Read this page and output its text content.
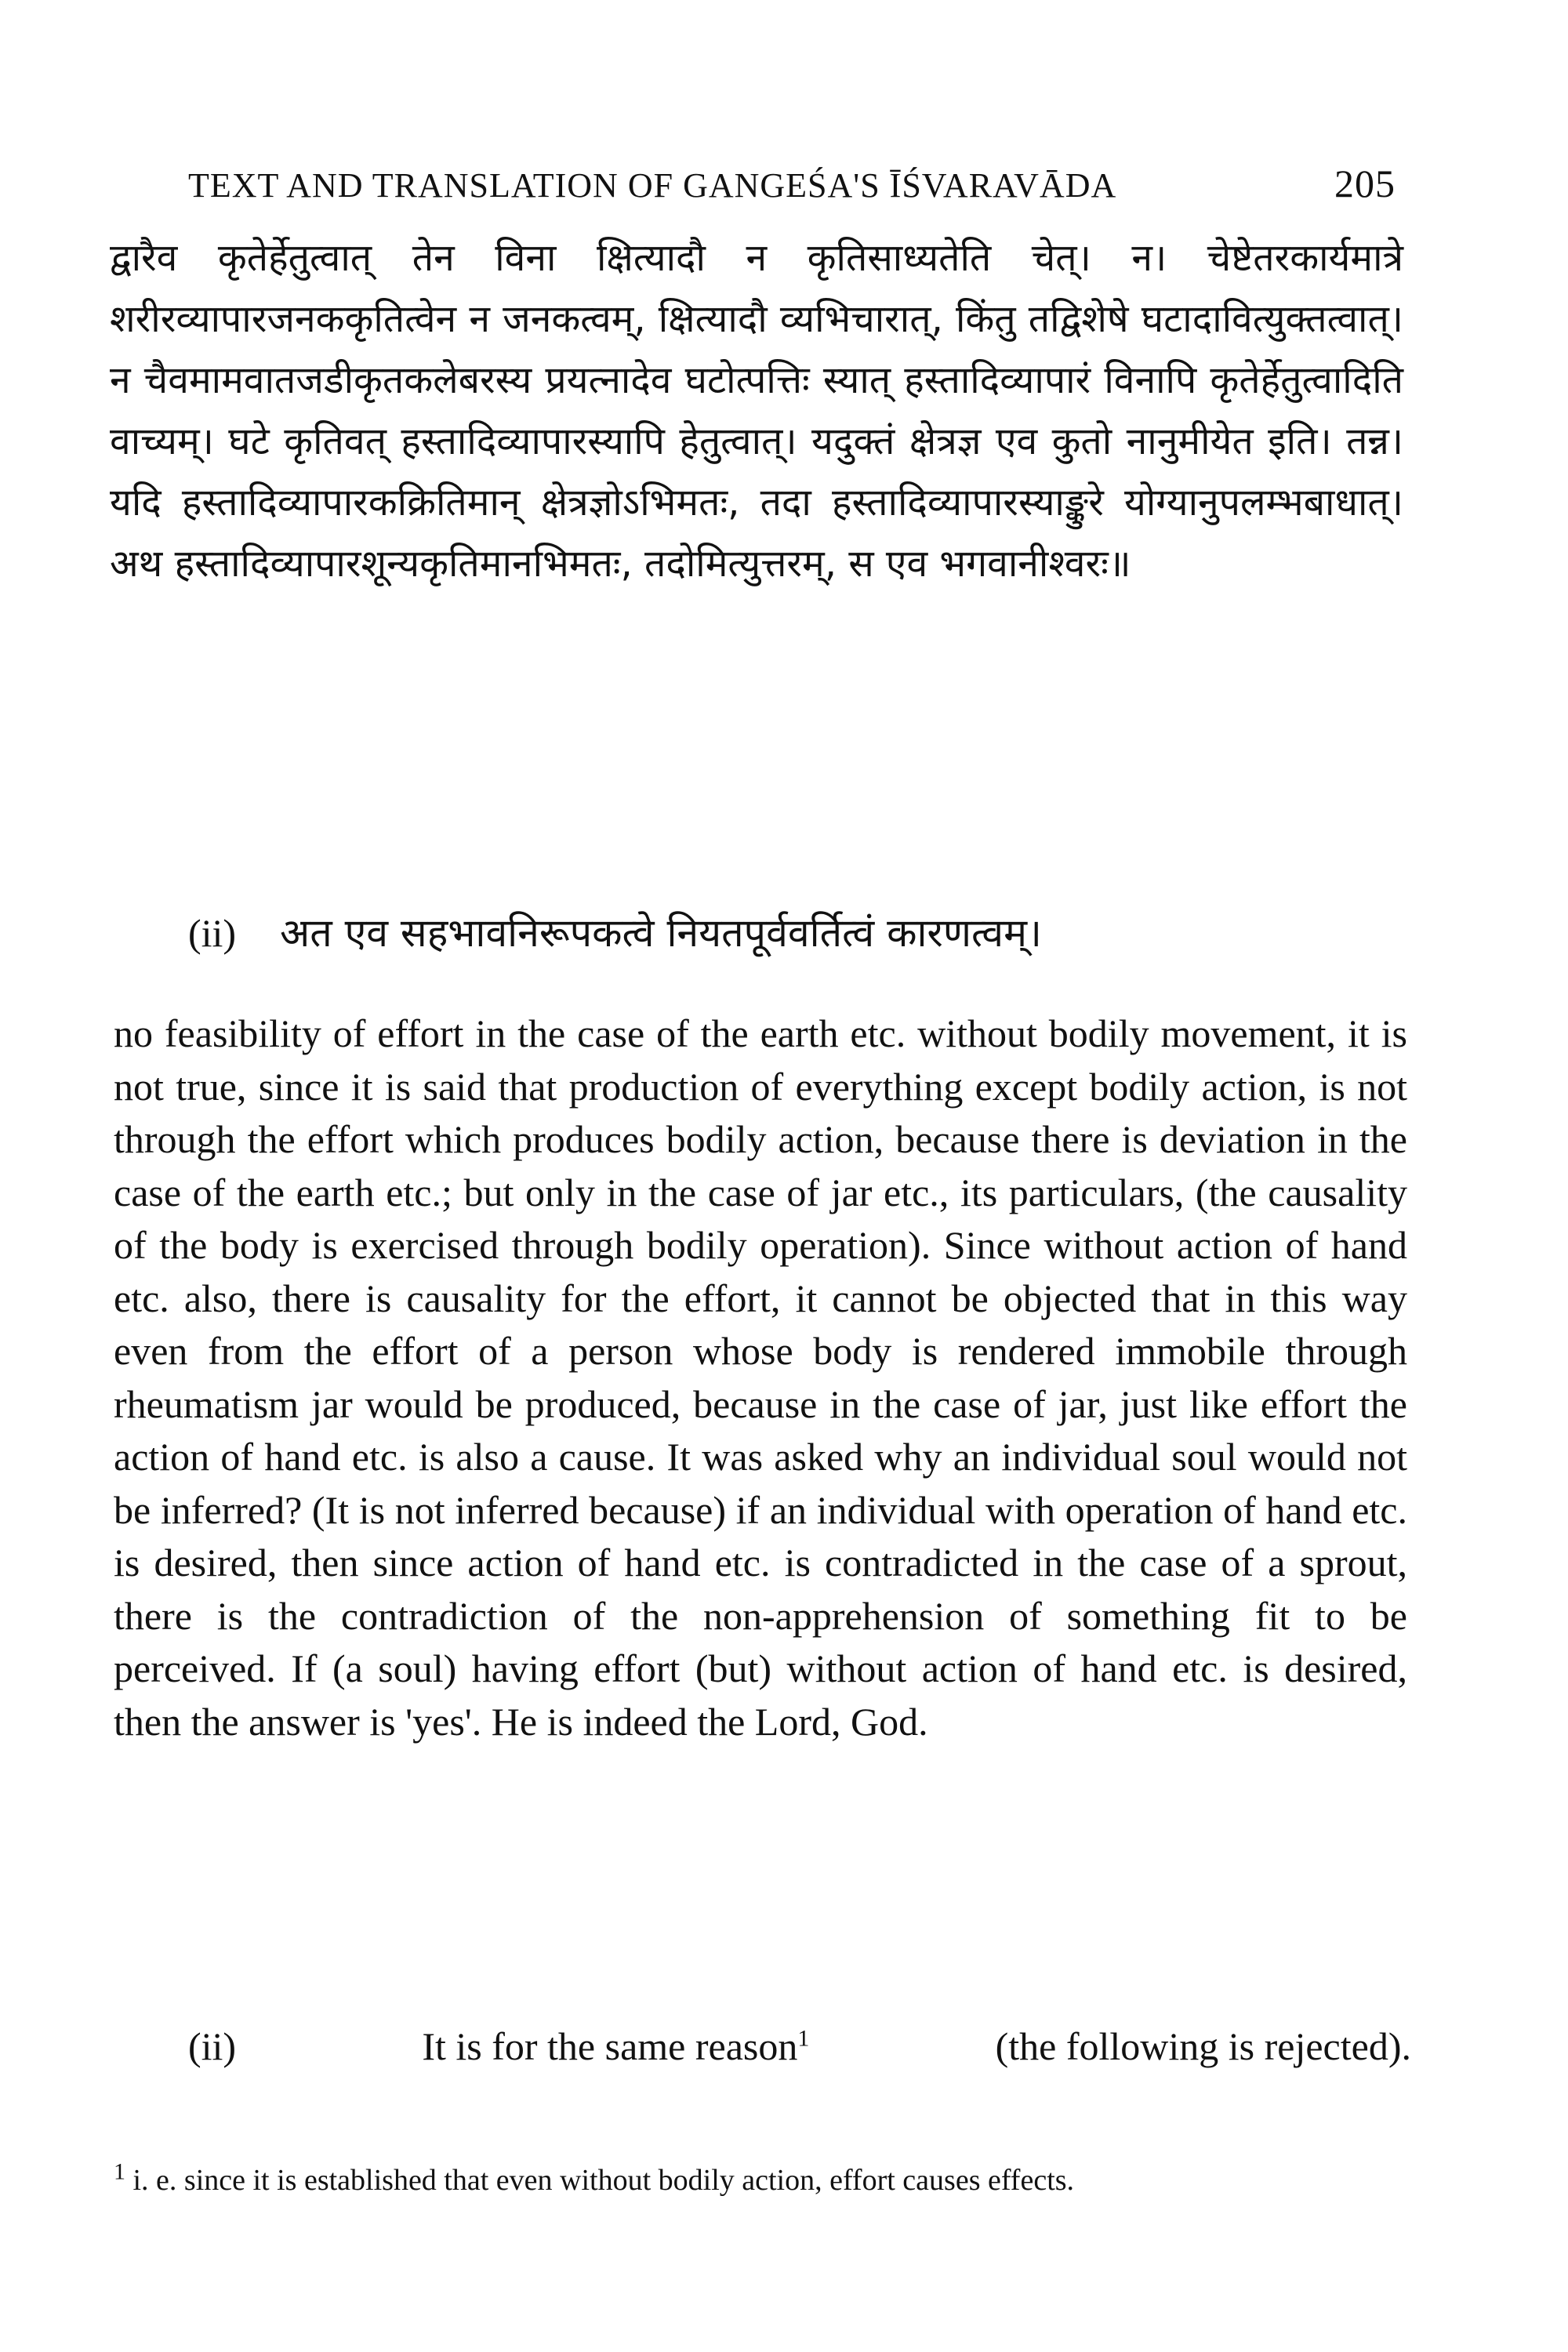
TEXT AND TRANSLATION OF GANGEŚA'S ĪŚVARAVĀDA	205

द्वारैव कृतेर्हेतुत्वात् तेन विना क्षित्यादौ न कृतिसाध्यतेति चेत्। न। चेष्टेतरकार्यमात्रे शरीरव्यापारजनककृतित्वेन न जनकत्वम्, क्षित्यादौ व्यभिचारात्, किंतु तद्विशेषे घटादावित्युक्तत्वात्। न चैवमामवातजडीकृतकलेबरस्य प्रयत्नादेव घटोत्पत्तिः स्यात् हस्तादिव्यापारं विनापि कृतेर्हेतुत्वादिति वाच्यम्। घटे कृतिवत् हस्तादिव्यापारस्यापि हेतुत्वात्। यदुक्तं क्षेत्रज्ञ एव कुतो नानुमीयेत इति। तन्न। यदि हस्तादिव्यापारकक्रितिमान् क्षेत्रज्ञोऽभिमतः, तदा हस्तादिव्यापारस्याङ्कुरे योग्यानुपलम्भबाधात्। अथ हस्तादिव्यापारशून्यकृतिमानभिमतः, तदोमित्युत्तरम्, स एव भगवानीश्वरः॥

(ii) अत एव सहभावनिरूपकत्वे नियतपूर्ववर्तित्वं कारणत्वम्।

no feasibility of effort in the case of the earth etc. without bodily movement, it is not true, since it is said that production of everything except bodily action, is not through the effort which produces bodily action, because there is deviation in the case of the earth etc.; but only in the case of jar etc., its particulars, (the causality of the body is exercised through bodily operation). Since without action of hand etc. also, there is causality for the effort, it cannot be objected that in this way even from the effort of a person whose body is rendered immobile through rheumatism jar would be produced, because in the case of jar, just like effort the action of hand etc. is also a cause. It was asked why an individual soul would not be inferred? (It is not inferred because) if an individual with operation of hand etc. is desired, then since action of hand etc. is contradicted in the case of a sprout, there is the contradiction of the non-apprehension of something fit to be perceived. If (a soul) having effort (but) without action of hand etc. is desired, then the answer is 'yes'. He is indeed the Lord, God.

(ii)	It is for the same reason$^1$	(the following is rejected).

$^1$ i. e. since it is established that even without bodily action, effort causes effects.
